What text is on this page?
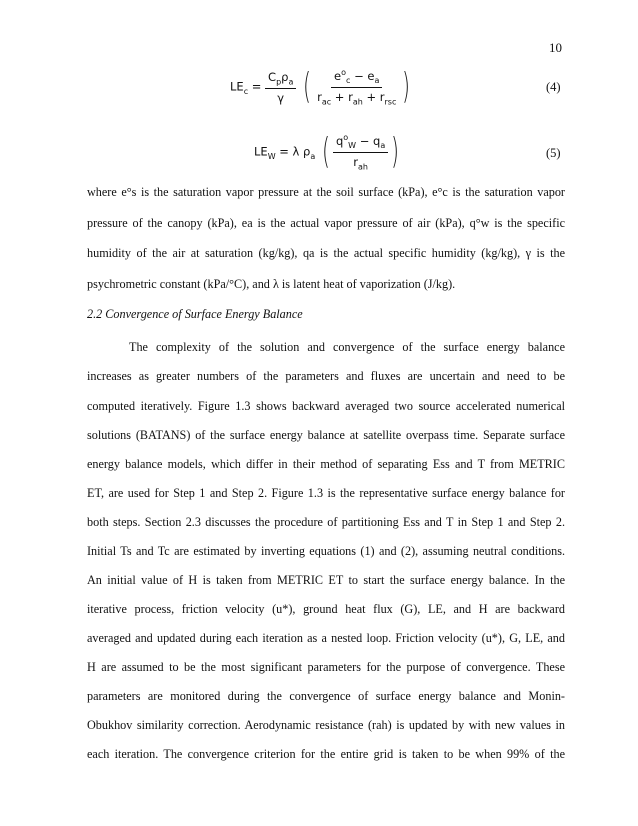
10
$LE_c = \frac{C_p\rho_a}{\gamma}$ ( $\frac{e^o_c - e_a}{r_{ac} + r_{ah} + r_{rsc}}$ )	(4)
$LE_W = \lambda$ $\rho_a$ ( $\frac{q^o_W - q_a}{r_{ah}}$ )	(5)
where e°s is the saturation vapor pressure at the soil surface (kPa), e°c is the saturation vapor
pressure of the canopy (kPa), ea is the actual vapor pressure of air (kPa), q°w is the specific
humidity of the air at saturation (kg/kg), qa is the actual specific humidity (kg/kg), γ is the
psychrometric constant (kPa/°C), and λ is latent heat of vaporization (J/kg).
2.2 Convergence of Surface Energy Balance
The complexity of the solution and convergence of the surface energy balance
increases as greater numbers of the parameters and fluxes are uncertain and need to be
computed iteratively. Figure 1.3 shows backward averaged two source accelerated numerical
solutions (BATANS) of the surface energy balance at satellite overpass time. Separate surface
energy balance models, which differ in their method of separating Ess and T from METRIC
ET, are used for Step 1 and Step 2. Figure 1.3 is the representative surface energy balance for
both steps. Section 2.3 discusses the procedure of partitioning Ess and T in Step 1 and Step 2.
Initial Ts and Tc are estimated by inverting equations (1) and (2), assuming neutral conditions.
An initial value of H is taken from METRIC ET to start the surface energy balance. In the
iterative process, friction velocity (u*), ground heat flux (G), LE, and H are backward
averaged and updated during each iteration as a nested loop. Friction velocity (u*), G, LE, and
H are assumed to be the most significant parameters for the purpose of convergence. These
parameters are monitored during the convergence of surface energy balance and Monin-
Obukhov similarity correction. Aerodynamic resistance (rah) is updated by with new values in
each iteration. The convergence criterion for the entire grid is taken to be when 99% of the
